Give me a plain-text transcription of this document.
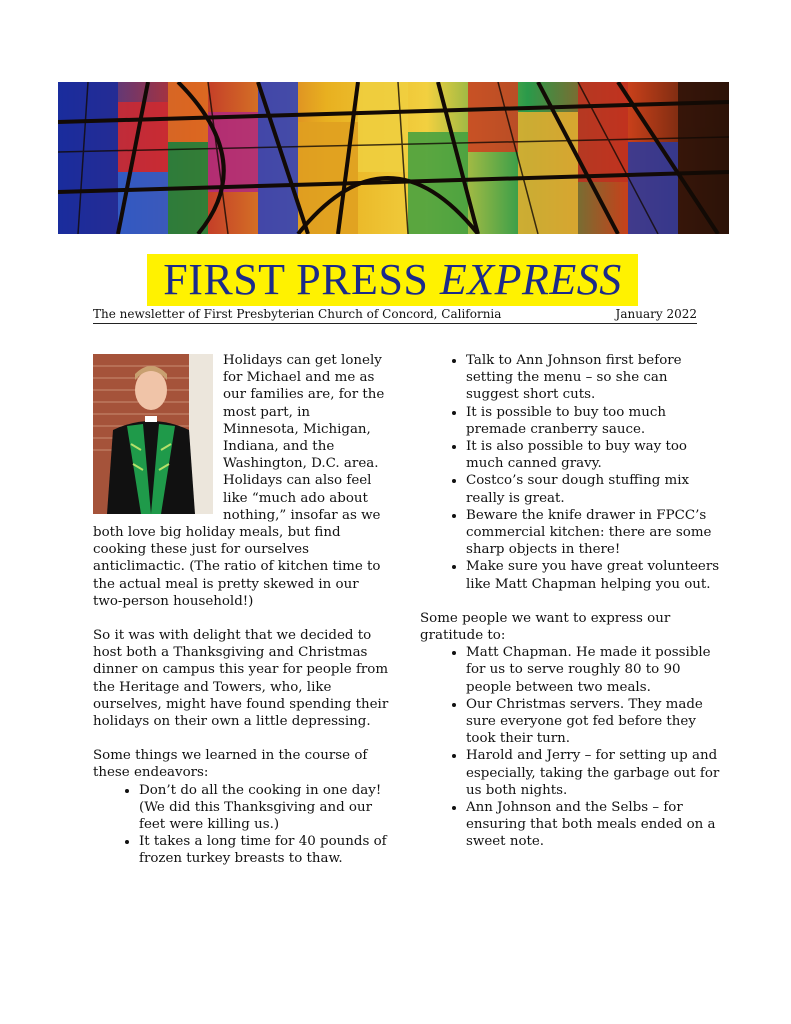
FIRST PRESS EXPRESS
The newsletter of First Presbyterian Church of Concord, California	January 2022

Holidays can get lonely for Michael and me as our families are, for the most part, in Minnesota, Michigan, Indiana, and the Washington, D.C. area. Holidays can also feel like “much ado about nothing,” insofar as we both love big holiday meals, but find cooking these just for ourselves anticlimactic. (The ratio of kitchen time to the actual meal is pretty skewed in our two-person household!)

So it was with delight that we decided to host both a Thanksgiving and Christmas dinner on campus this year for people from the Heritage and Towers, who, like ourselves, might have found spending their holidays on their own a little depressing.

Some things we learned in the course of these endeavors:
• Don’t do all the cooking in one day! (We did this Thanksgiving and our feet were killing us.)
• It takes a long time for 40 pounds of frozen turkey breasts to thaw.
• Talk to Ann Johnson first before setting the menu – so she can suggest short cuts.
• It is possible to buy too much premade cranberry sauce.
• It is also possible to buy way too much canned gravy.
• Costco’s sour dough stuffing mix really is great.
• Beware the knife drawer in FPCC’s commercial kitchen: there are some sharp objects in there!
• Make sure you have great volunteers like Matt Chapman helping you out.
Some people we want to express our gratitude to:
• Matt Chapman. He made it possible for us to serve roughly 80 to 90 people between two meals.
• Our Christmas servers. They made sure everyone got fed before they took their turn.
• Harold and Jerry – for setting up and especially, taking the garbage out for us both nights.
• Ann Johnson and the Selbs – for ensuring that both meals ended on a sweet note.
